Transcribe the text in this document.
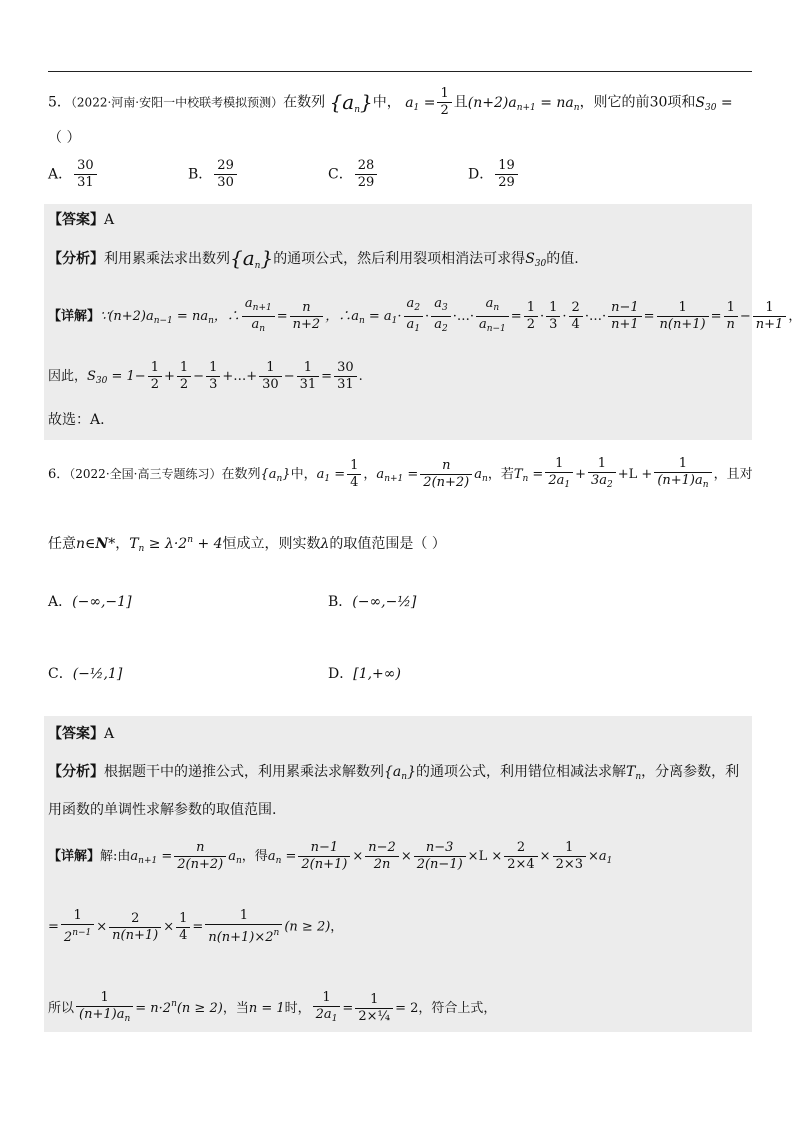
5．（2022·河南·安阳一中校联考模拟预测）在数列 $\{a_n\}$中， $a_1 = \frac{1}{2}$ 且$(n+2)a_{n+1} = na_n$，则它的前30项和$S_{30}$ =
（ ）
A． $\frac{30}{31}$	B． $\frac{29}{30}$	C． $\frac{28}{29}$	D． $\frac{19}{29}$
【答案】A
【分析】利用累乘法求出数列$\{a_n\}$的通项公式，然后利用裂项相消法可求得$S_{30}$的值.
【详解】$\because(n+2)a_{n-1} = na_n$，∴ $\frac{a_{n+1}}{a_n} = \frac{n}{n+2}$ ，$\therefore a_n = a_1\cdot \frac{a_2}{a_1} \cdot \frac{a_3}{a_2}$ ·…· $\frac{a_n}{a_{n-1}} = \frac{1}{2} \cdot \frac{1}{3} \cdot \frac{2}{4}$ ·…· $\frac{n-1}{n+1} = \frac{1}{n(n+1)} = \frac{1}{n} - \frac{1}{n+1}$ ，
因此，$S_{30} = 1- \frac{1}{2} + \frac{1}{2} - \frac{1}{3}$ +…+ $\frac{1}{30} - \frac{1}{31} = \frac{30}{31}$ .
故选：A.
6．（2022·全国·高三专题练习）在数列$\{a_n\}$中，$a_1 = \frac{1}{4}$ ，$a_{n+1} = \frac{n}{2(n+2)} a_n$，若$T_n = \frac{1}{2a_1} + \frac{1}{3a_2} +L + \frac{1}{(n+1)a_n}$ ，且对
任意n∈N*，$T_n \ge \lambda\cdot 2^n + 4$恒成立，则实数λ的取值范围是（ ）
A．(−∞,−1]	B．(−∞,−½]
C．(−½,1]	D．[1,+∞)
【答案】A
【分析】根据题干中的递推公式，利用累乘法求解数列$\{a_n\}$的通项公式，利用错位相减法求解$T_n$，分离参数，利
用函数的单调性求解参数的取值范围.
【详解】解:由$a_{n+1} = \frac{n}{2(n+2)} a_n$，得$a_n = \frac{n-1}{2(n+1)} \times \frac{n-2}{2n} \times \frac{n-3}{2(n-1)} \times L \times \frac{2}{2\times 4} \times \frac{1}{2\times 3} \times a_1$
= $\frac{1}{2^{n-1}} \times \frac{2}{n(n+1)} \times \frac{1}{4} = \frac{1}{n(n+1)\times 2^n} (n \ge 2)$，
所以 $\frac{1}{(n+1)a_n} = n\cdot 2^n(n \ge 2)$，当n = 1时， $\frac{1}{2a_1} = \frac{1}{\text{2×¼}} = 2$，符合上式，
